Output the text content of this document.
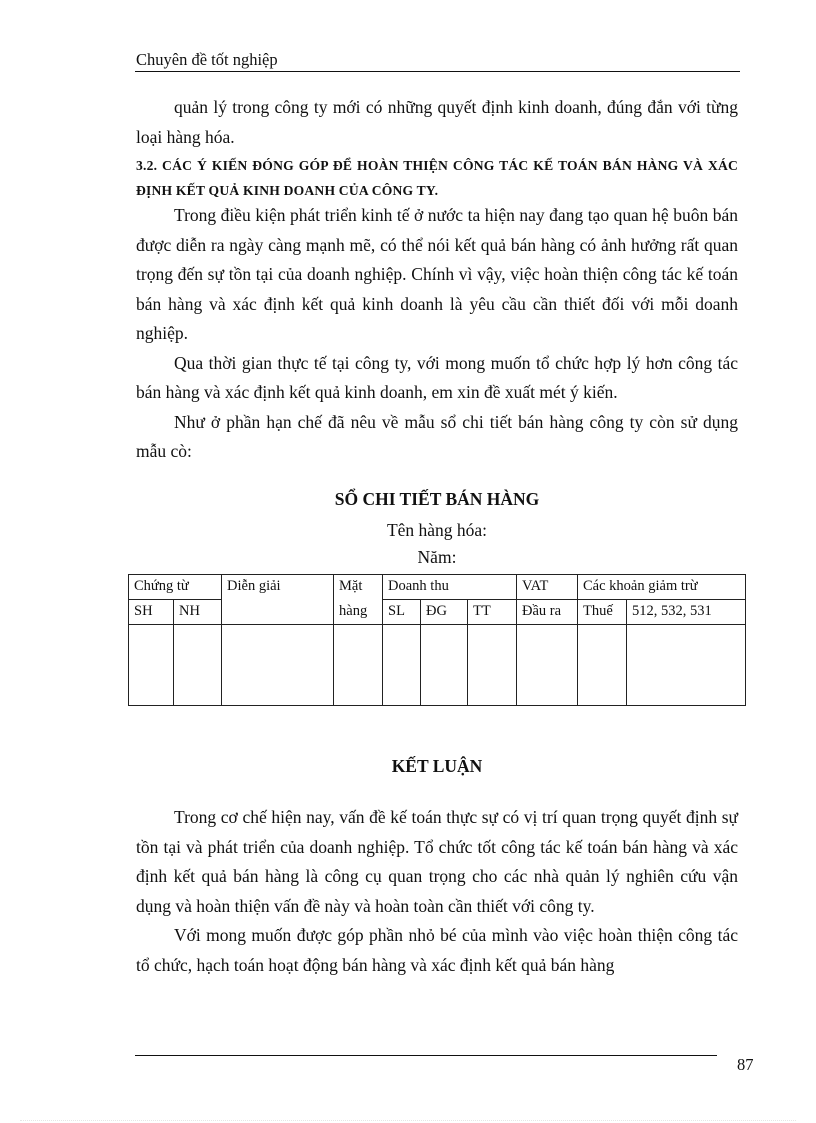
Chuyên đề tốt nghiệp

quản lý trong công ty mới có những quyết định kinh doanh, đúng đắn với từng loại hàng hóa.

3.2. CÁC Ý KIẾN ĐÓNG GÓP ĐỂ HOÀN THIỆN CÔNG TÁC KẾ TOÁN BÁN HÀNG VÀ XÁC ĐỊNH KẾT QUẢ KINH DOANH CỦA CÔNG TY.

Trong điều kiện phát triển kinh tế ở nước ta hiện nay đang tạo quan hệ buôn bán được diễn ra ngày càng mạnh mẽ, có thể nói kết quả bán hàng có ảnh hưởng rất quan trọng đến sự tồn tại của doanh nghiệp. Chính vì vậy, việc hoàn thiện công tác kế toán bán hàng và xác định kết quả kinh doanh là yêu cầu cần thiết đối với mỗi doanh nghiệp.

Qua thời gian thực tế tại công ty, với mong muốn tổ chức hợp lý hơn công tác bán hàng và xác định kết quả kinh doanh, em xin đề xuất mét ý kiến.

Như ở phần hạn chế đã nêu về mẫu sổ chi tiết bán hàng công ty còn sử dụng mẫu cò:

SỔ CHI TIẾT BÁN HÀNG
Tên hàng hóa:
Năm:
Chứng từ		Diễn giải	Mặt	Doanh thu			VAT	Các khoản giảm trừ	
SH	NH		hàng	SL	ĐG	TT	Đầu ra	Thuế	512, 532, 531

KẾT LUẬN

Trong cơ chế hiện nay, vấn đề kế toán thực sự có vị trí quan trọng quyết định sự tồn tại và phát triển của doanh nghiệp. Tổ chức tốt công tác kế toán bán hàng và xác định kết quả bán hàng là công cụ quan trọng cho các nhà quản lý nghiên cứu vận dụng và hoàn thiện vấn đề này và hoàn toàn cần thiết với công ty.

Với mong muốn được góp phần nhỏ bé của mình vào việc hoàn thiện công tác tổ chức, hạch toán hoạt động bán hàng và xác định kết quả bán hàng

87
